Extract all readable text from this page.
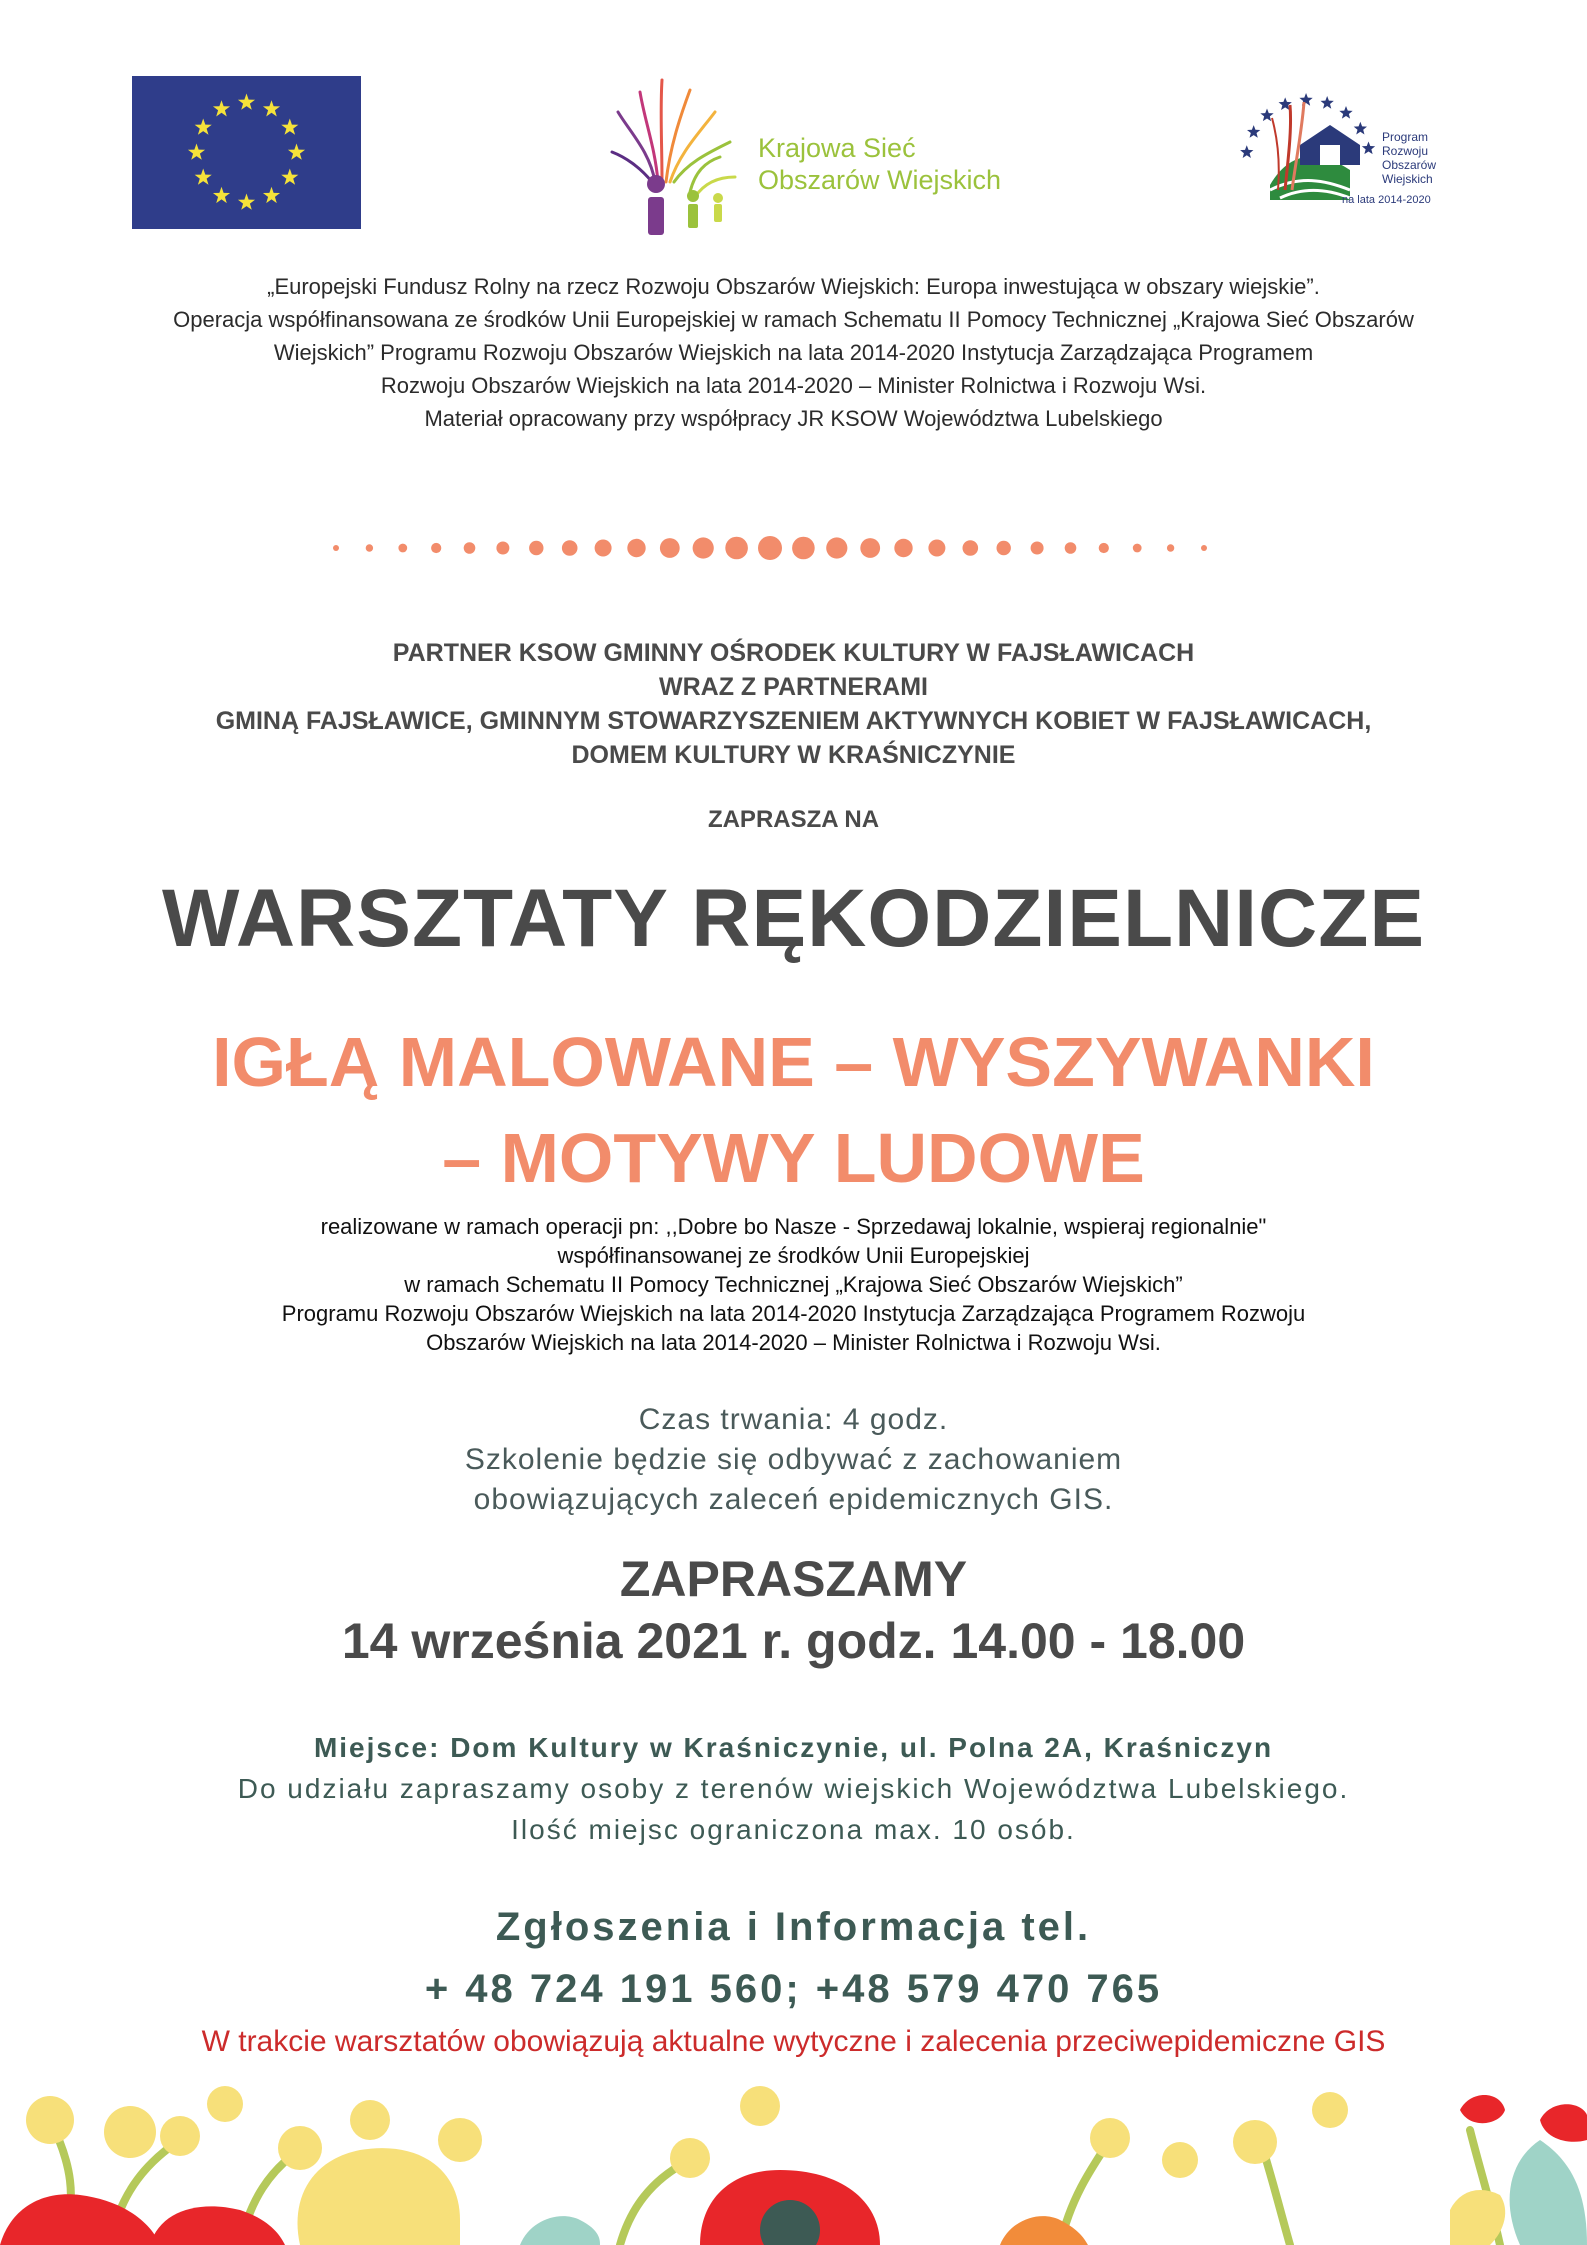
Krajowa Sieć
Obszarów Wiejskich
Program
Rozwoju
Obszarów
Wiejskich
na lata 2014-2020
„Europejski Fundusz Rolny na rzecz Rozwoju Obszarów Wiejskich: Europa inwestująca w obszary wiejskie”.
Operacja współfinansowana ze środków Unii Europejskiej w ramach Schematu II Pomocy Technicznej „Krajowa Sieć Obszarów
Wiejskich” Programu Rozwoju Obszarów Wiejskich na lata 2014-2020 Instytucja Zarządzająca Programem
Rozwoju Obszarów Wiejskich na lata 2014-2020 – Minister Rolnictwa i Rozwoju Wsi.
Materiał opracowany przy współpracy JR KSOW Województwa Lubelskiego
PARTNER KSOW GMINNY OŚRODEK KULTURY W FAJSŁAWICACH
WRAZ Z PARTNERAMI
GMINĄ FAJSŁAWICE, GMINNYM STOWARZYSZENIEM AKTYWNYCH KOBIET W FAJSŁAWICACH,
DOMEM KULTURY W KRAŚNICZYNIE
ZAPRASZA NA
WARSZTATY RĘKODZIELNICZE
IGŁĄ MALOWANE – WYSZYWANKI
– MOTYWY LUDOWE
realizowane w ramach operacji pn: ,,Dobre bo Nasze - Sprzedawaj lokalnie, wspieraj regionalnie"
współfinansowanej ze środków Unii Europejskiej
w ramach Schematu II Pomocy Technicznej „Krajowa Sieć Obszarów Wiejskich”
Programu Rozwoju Obszarów Wiejskich na lata 2014-2020 Instytucja Zarządzająca Programem Rozwoju
Obszarów Wiejskich na lata 2014-2020 – Minister Rolnictwa i Rozwoju Wsi.
Czas trwania: 4 godz.
Szkolenie będzie się odbywać z zachowaniem
obowiązujących zaleceń epidemicznych GIS.
ZAPRASZAMY
14 września 2021 r. godz. 14.00 - 18.00
Miejsce: Dom Kultury w Kraśniczynie, ul. Polna 2A, Kraśniczyn
Do udziału zapraszamy osoby z terenów wiejskich Województwa Lubelskiego.
Ilość miejsc ograniczona max. 10 osób.
Zgłoszenia i Informacja tel.
+ 48 724 191 560; +48 579 470 765
W trakcie warsztatów obowiązują aktualne wytyczne i zalecenia przeciwepidemiczne GIS
